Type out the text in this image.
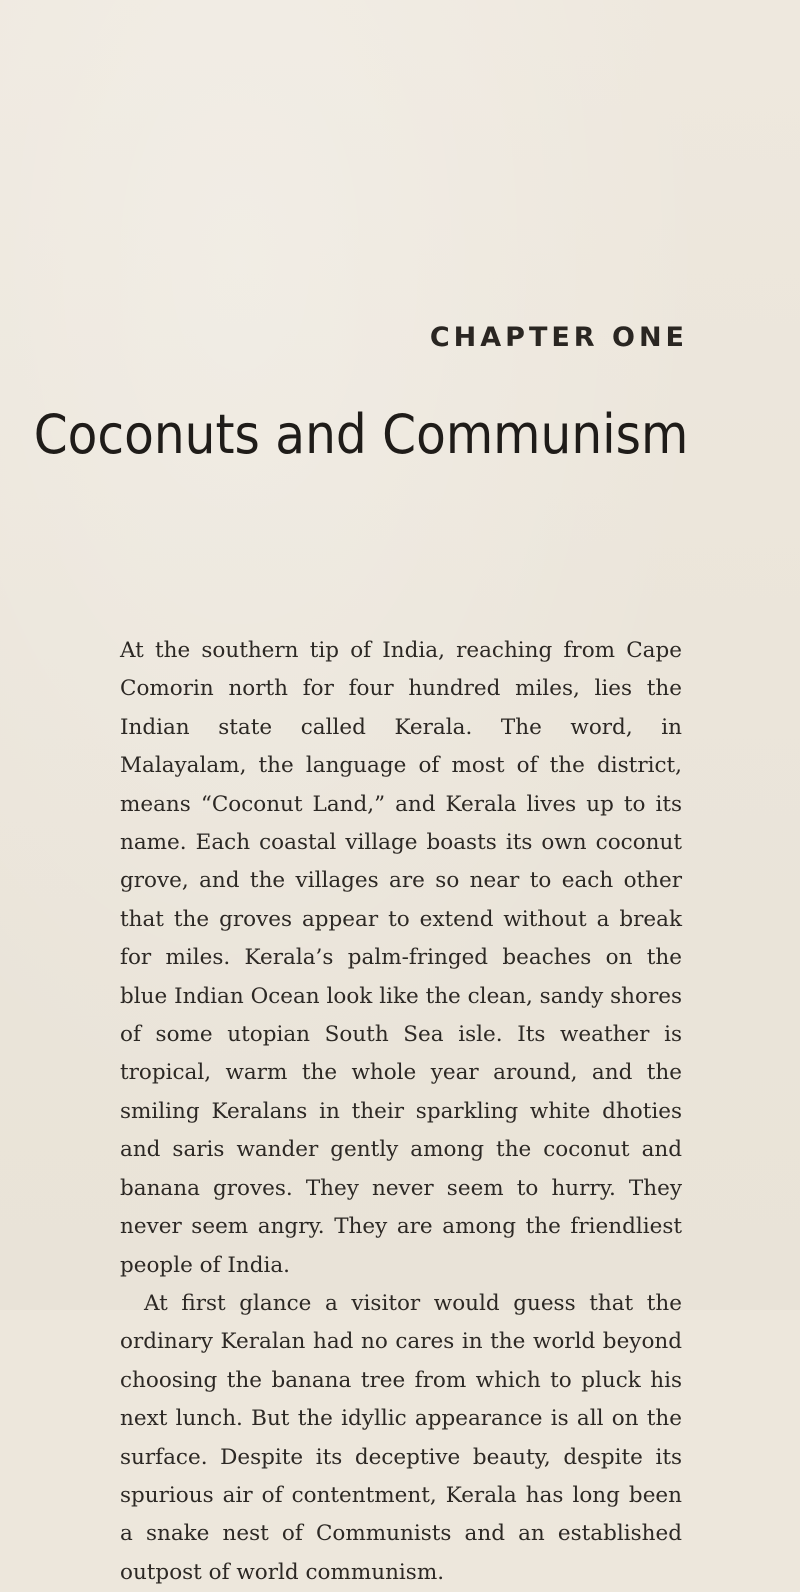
CHAPTER ONE
Coconuts and Communism

At the southern tip of India, reaching from Cape Comorin north for four hundred miles, lies the Indian state called Kerala. The word, in Malayalam, the language of most of the district, means “Coconut Land,” and Kerala lives up to its name. Each coastal village boasts its own coconut grove, and the villages are so near to each other that the groves appear to extend without a break for miles. Kerala’s palm-fringed beaches on the blue Indian Ocean look like the clean, sandy shores of some utopian South Sea isle. Its weather is tropical, warm the whole year around, and the smiling Keralans in their sparkling white dhoties and saris wander gently among the coconut and banana groves. They never seem to hurry. They never seem angry. They are among the friendliest people of India.

At first glance a visitor would guess that the ordinary Keralan had no cares in the world beyond choosing the banana tree from which to pluck his next lunch. But the idyllic appearance is all on the surface. Despite its deceptive beauty, despite its spurious air of contentment, Kerala has long been a snake nest of Communists and an established outpost of world communism.
